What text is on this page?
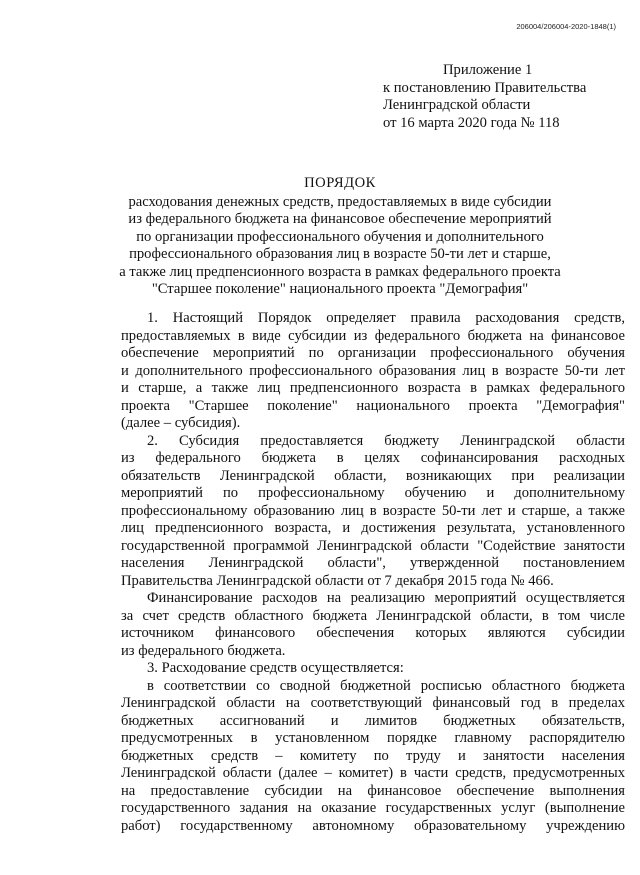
206004/206004-2020-1848(1)
Приложение 1
к постановлению Правительства
Ленинградской области
от 16 марта 2020 года № 118
ПОРЯДОК
расходования денежных средств, предоставляемых в виде субсидии
из федерального бюджета на финансовое обеспечение мероприятий
по организации профессионального обучения и дополнительного
профессионального образования лиц в возрасте 50-ти лет и старше,
а также лиц предпенсионного возраста в рамках федерального проекта
"Старшее поколение" национального проекта "Демография"
1. Настоящий Порядок определяет правила расходования средств,
предоставляемых в виде субсидии из федерального бюджета на финансовое
обеспечение мероприятий по организации профессионального обучения
и дополнительного профессионального образования лиц в возрасте 50-ти лет
и старше, а также лиц предпенсионного возраста в рамках федерального
проекта "Старшее поколение" национального проекта "Демография"
(далее – субсидия).
2. Субсидия предоставляется бюджету Ленинградской области
из федерального бюджета в целях софинансирования расходных
обязательств Ленинградской области, возникающих при реализации
мероприятий по профессиональному обучению и дополнительному
профессиональному образованию лиц в возрасте 50-ти лет и старше, а также
лиц предпенсионного возраста, и достижения результата, установленного
государственной программой Ленинградской области "Содействие занятости
населения Ленинградской области", утвержденной постановлением
Правительства Ленинградской области от 7 декабря 2015 года № 466.
Финансирование расходов на реализацию мероприятий осуществляется
за счет средств областного бюджета Ленинградской области, в том числе
источником финансового обеспечения которых являются субсидии
из федерального бюджета.
3. Расходование средств осуществляется:
в соответствии со сводной бюджетной росписью областного бюджета
Ленинградской области на соответствующий финансовый год в пределах
бюджетных ассигнований и лимитов бюджетных обязательств,
предусмотренных в установленном порядке главному распорядителю
бюджетных средств – комитету по труду и занятости населения
Ленинградской области (далее – комитет) в части средств, предусмотренных
на предоставление субсидии на финансовое обеспечение выполнения
государственного задания на оказание государственных услуг (выполнение
работ) государственному автономному образовательному учреждению
